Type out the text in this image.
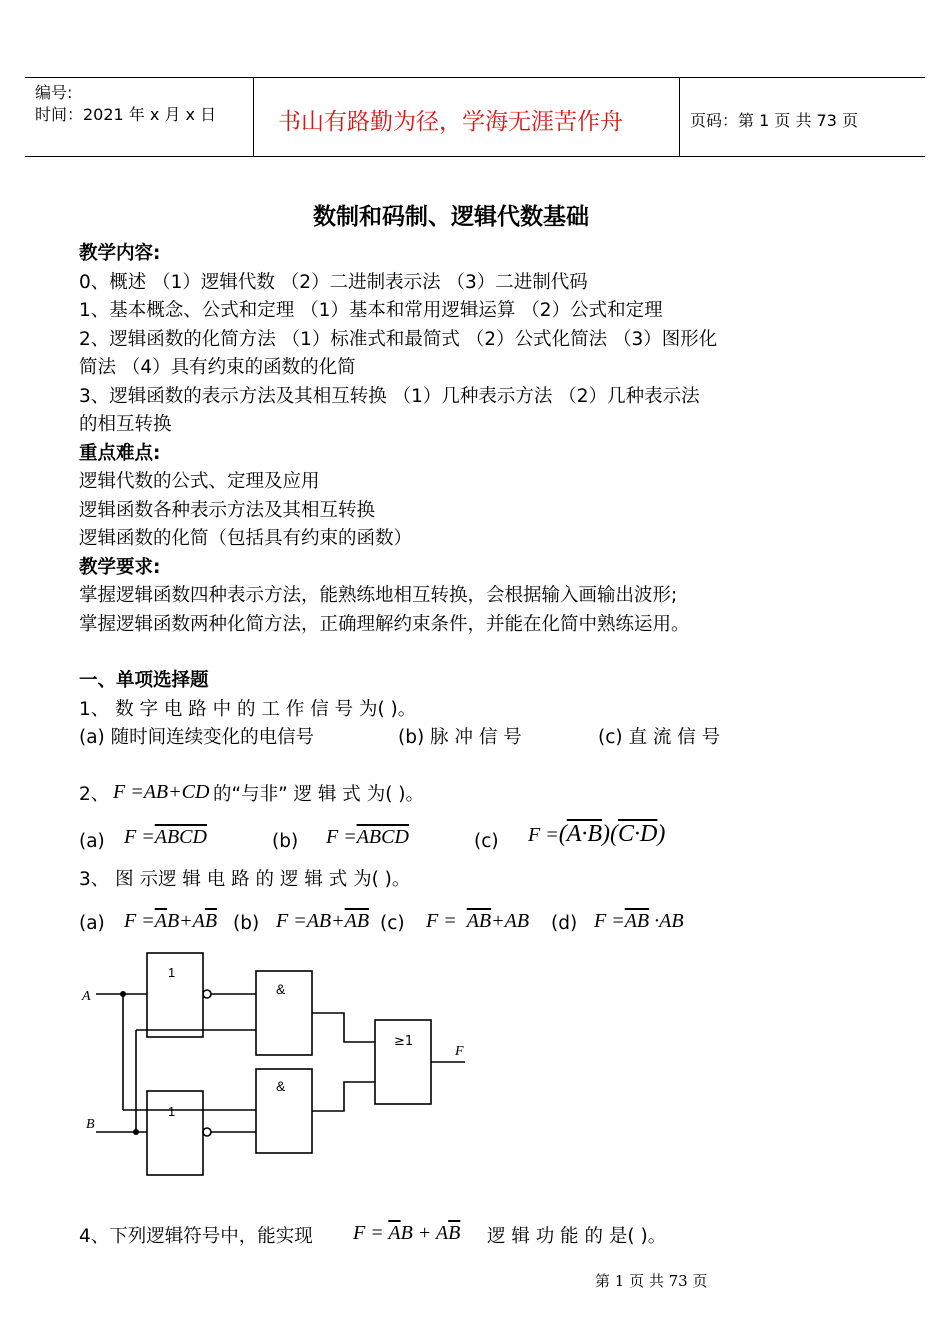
编号:
时间：2021 年 x 月 x 日	书山有路勤为径，学海无涯苦作舟	页码：第 1 页 共 73 页
数制和码制、逻辑代数基础
教学内容:
0、概述 （1）逻辑代数 （2）二进制表示法 （3）二进制代码
1、基本概念、公式和定理 （1）基本和常用逻辑运算 （2）公式和定理
2、逻辑函数的化简方法 （1）标准式和最简式 （2）公式化简法 （3）图形化
简法 （4）具有约束的函数的化简
3、逻辑函数的表示方法及其相互转换 （1）几种表示方法 （2）几种表示法
的相互转换
重点难点:
逻辑代数的公式、定理及应用
逻辑函数各种表示方法及其相互转换
逻辑函数的化简（包括具有约束的函数）
教学要求:
掌握逻辑函数四种表示方法，能熟练地相互转换，会根据输入画输出波形;
掌握逻辑函数两种化简方法，正确理解约束条件，并能在化简中熟练运用。
一、单项选择题
1、 数 字 电 路 中 的 工 作 信 号 为( )。
(a) 随时间连续变化的电信号	(b) 脉 冲 信 号	(c) 直 流 信 号
2、 F =AB+CD 的“与非” 逻 辑 式 为( )。
(a) F =ABCD	(b) F =ABCD	(c) F =(A·B)(C·D)
3、 图 示逻 辑 电 路 的 逻 辑 式 为( )。
(a) $F =\overline{A}B+A\overline{B}$ (b) $F =AB+\overline{A}\overline{B}$ (c) $F = \overline{AB}+AB$ (d) $F =\overline{AB} \cdot AB$
A
B
F
1
1
&
&
≥1
4、下列逻辑符号中，能实现 $F = \overline{A}B + A\overline{B}$ 逻 辑 功 能 的 是( )。
第 1 页 共 73 页
